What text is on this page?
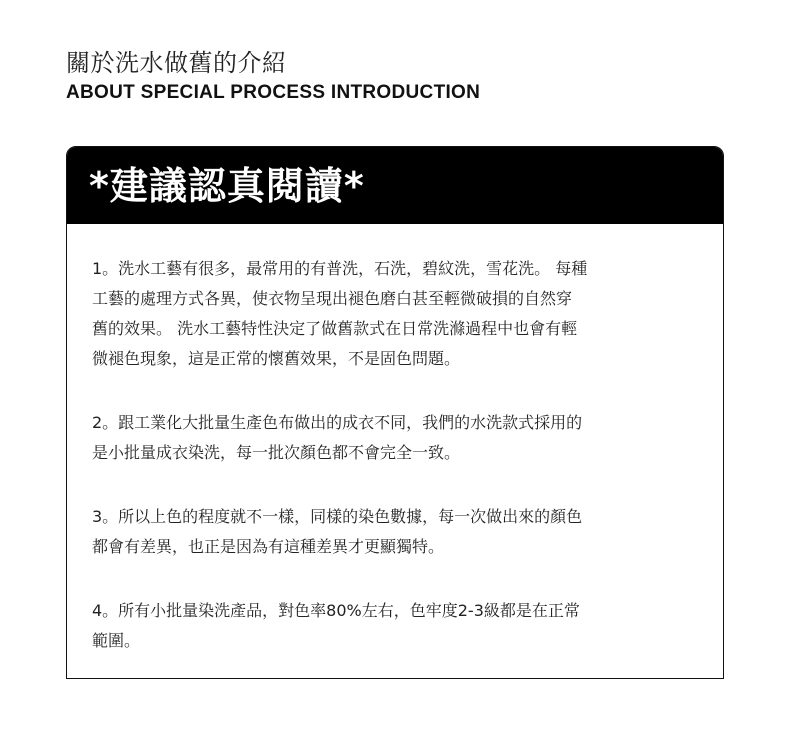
關於洗水做舊的介紹
ABOUT SPECIAL PROCESS INTRODUCTION
*建議認真閱讀*
1。洗水工藝有很多，最常用的有普洗，石洗，碧紋洗，雪花洗。 每種
工藝的處理方式各異，使衣物呈現出褪色磨白甚至輕微破損的自然穿
舊的效果。 洗水工藝特性決定了做舊款式在日常洗滌過程中也會有輕
微褪色現象，這是正常的懷舊效果，不是固色問題。
2。跟工業化大批量生產色布做出的成衣不同，我們的水洗款式採用的
是小批量成衣染洗，每一批次顏色都不會完全一致。
3。所以上色的程度就不一樣，同樣的染色數據，每一次做出來的顏色
都會有差異，也正是因為有這種差異才更顯獨特。
4。所有小批量染洗產品，對色率80%左右，色牢度2-3級都是在正常
範圍。
